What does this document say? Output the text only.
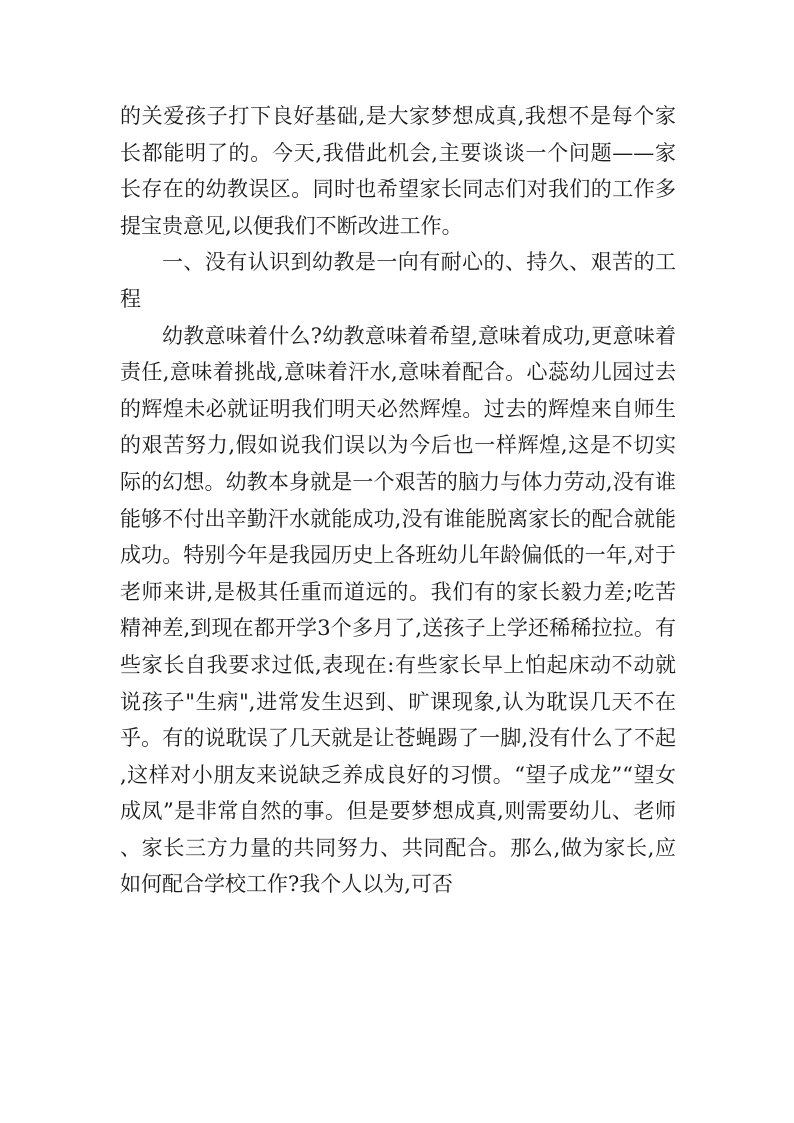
的关爱孩子打下良好基础,是大家梦想成真,我想不是每个家长都能明了的。今天,我借此机会,主要谈谈一个问题——家长存在的幼教误区。同时也希望家长同志们对我们的工作多提宝贵意见,以便我们不断改进工作。

一、没有认识到幼教是一向有耐心的、持久、艰苦的工程

幼教意味着什么?幼教意味着希望,意味着成功,更意味着责任,意味着挑战,意味着汗水,意味着配合。心蕊幼儿园过去的辉煌未必就证明我们明天必然辉煌。过去的辉煌来自师生的艰苦努力,假如说我们误以为今后也一样辉煌,这是不切实际的幻想。幼教本身就是一个艰苦的脑力与体力劳动,没有谁能够不付出辛勤汗水就能成功,没有谁能脱离家长的配合就能成功。特别今年是我园历史上各班幼儿年龄偏低的一年,对于老师来讲,是极其任重而道远的。我们有的家长毅力差;吃苦精神差,到现在都开学3个多月了,送孩子上学还稀稀拉拉。有些家长自我要求过低,表现在:有些家长早上怕起床动不动就说孩子"生病",进常发生迟到、旷课现象,认为耽误几天不在乎。有的说耽误了几天就是让苍蝇踢了一脚,没有什么了不起,这样对小朋友来说缺乏养成良好的习惯。“望子成龙”“望女成凤”是非常自然的事。但是要梦想成真,则需要幼儿、老师、家长三方力量的共同努力、共同配合。那么,做为家长,应如何配合学校工作?我个人以为,可否
